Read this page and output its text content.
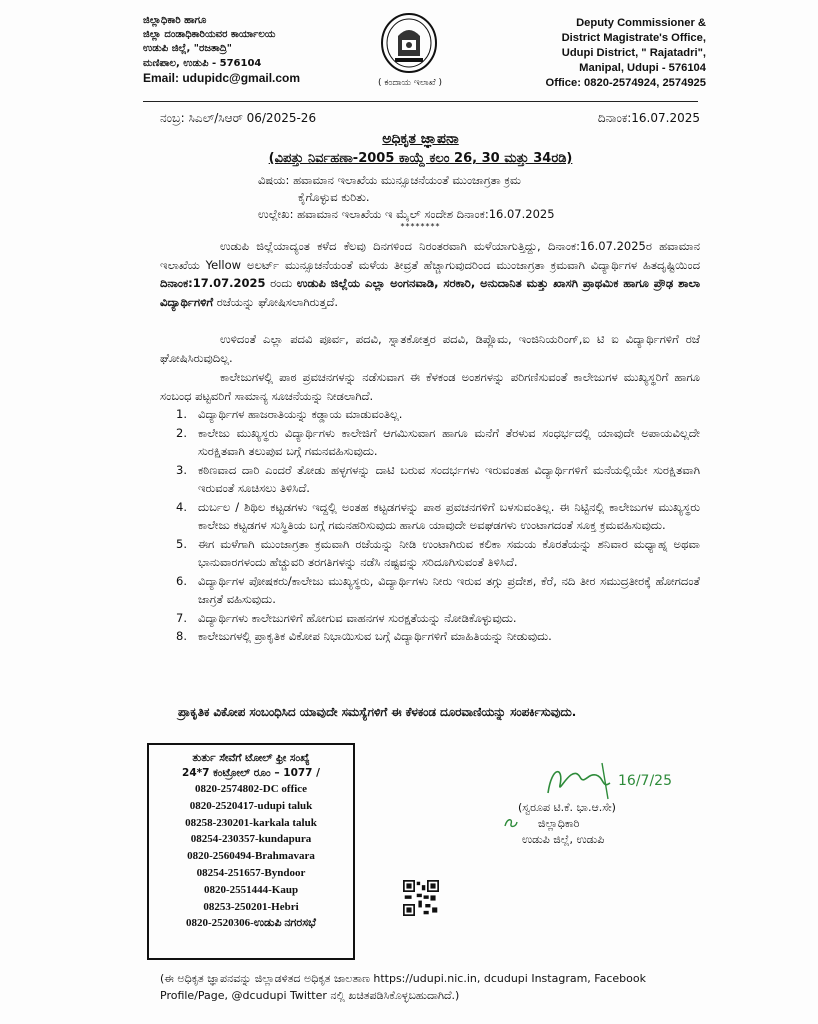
ಜಿಲ್ಲಾಧಿಕಾರಿ ಹಾಗೂ
ಜಿಲ್ಲಾ ದಂಡಾಧಿಕಾರಿಯವರ ಕಾರ್ಯಾಲಯ
ಉಡುಪಿ ಜಿಲ್ಲೆ, "ರಜತಾದ್ರಿ"
ಮಣಿಪಾಲ, ಉಡುಪಿ - 576104
Email: udupidc@gmail.com	( ಕಂದಾಯ ಇಲಾಖೆ )
Deputy Commissioner &
District Magistrate's Office,
Udupi District, " Rajatadri",
Manipal, Udupi - 576104
Office: 0820-2574924, 2574925
ನಂಬ್ರ: ಸಿಎಲ್/ಸಿಆರ್ 06/2025-26	ದಿನಾಂಕ:16.07.2025
ಅಧಿಕೃತ ಜ್ಞಾಪನಾ
(ವಿಪತ್ತು ನಿರ್ವಹಣಾ-2005 ಕಾಯ್ದೆ ಕಲಂ 26, 30 ಮತ್ತು 34ರಡಿ)
ವಿಷಯ: ಹವಾಮಾನ ಇಲಾಖೆಯ ಮುನ್ಸೂಚನೆಯಂತೆ ಮುಂಜಾಗ್ರತಾ ಕ್ರಮ
ಕೈಗೊಳ್ಳುವ ಕುರಿತು.
ಉಲ್ಲೇಖ: ಹವಾಮಾನ ಇಲಾಖೆಯ ಇ ಮೈಲ್ ಸಂದೇಶ ದಿನಾಂಕ:16.07.2025
********
ಉಡುಪಿ ಜಿಲ್ಲೆಯಾದ್ಯಂತ ಕಳೆದ ಕೆಲವು ದಿನಗಳಿಂದ ನಿರಂತರವಾಗಿ ಮಳೆಯಾಗುತ್ತಿದ್ದು, ದಿನಾಂಕ:16.07.2025ರ ಹವಾಮಾನ ಇಲಾಖೆಯ Yellow ಅಲರ್ಟ್ ಮುನ್ಸೂಚನೆಯಂತೆ ಮಳೆಯ ತೀವ್ರತೆ ಹೆಚ್ಚಾಗುವುದರಿಂದ ಮುಂಜಾಗ್ರತಾ ಕ್ರಮವಾಗಿ ವಿದ್ಯಾರ್ಥಿಗಳ ಹಿತದೃಷ್ಟಿಯಿಂದ ದಿನಾಂಕ:17.07.2025 ರಂದು ಉಡುಪಿ ಜಿಲ್ಲೆಯ ಎಲ್ಲಾ ಅಂಗನವಾಡಿ, ಸರಕಾರಿ, ಅನುದಾನಿತ ಮತ್ತು ಖಾಸಗಿ ಪ್ರಾಥಮಿಕ ಹಾಗೂ ಪ್ರೌಢ ಶಾಲಾ ವಿದ್ಯಾರ್ಥಿಗಳಿಗೆ ರಜೆಯನ್ನು ಘೋಷಿಸಲಾಗಿರುತ್ತದೆ.
ಉಳಿದಂತೆ ಎಲ್ಲಾ ಪದವಿ ಪೂರ್ವ, ಪದವಿ, ಸ್ನಾತಕೋತ್ತರ ಪದವಿ, ಡಿಪ್ಲೊಮ, ಇಂಜಿನಿಯರಿಂಗ್,ಐ ಟಿ ಐ ವಿದ್ಯಾರ್ಥಿಗಳಿಗೆ ರಜೆ ಘೋಷಿಸಿರುವುದಿಲ್ಲ.
ಕಾಲೇಜುಗಳಲ್ಲಿ ಪಾಠ ಪ್ರವಚನಗಳನ್ನು ನಡೆಸುವಾಗ ಈ ಕೆಳಕಂಡ ಅಂಶಗಳನ್ನು ಪರಿಗಣಿಸುವಂತೆ ಕಾಲೇಜುಗಳ ಮುಖ್ಯಸ್ಥರಿಗೆ ಹಾಗೂ ಸಂಬಂಧ ಪಟ್ಟವರಿಗೆ ಸಾಮಾನ್ಯ ಸೂಚನೆಯನ್ನು ನೀಡಲಾಗಿದೆ.
1. ವಿದ್ಯಾರ್ಥಿಗಳ ಹಾಜರಾತಿಯನ್ನು ಕಡ್ಡಾಯ ಮಾಡುವಂತಿಲ್ಲ.
2. ಕಾಲೇಜು ಮುಖ್ಯಸ್ಥರು ವಿದ್ಯಾರ್ಥಿಗಳು ಕಾಲೇಜಿಗೆ ಆಗಮಿಸುವಾಗ ಹಾಗೂ ಮನೆಗೆ ತೆರಳುವ ಸಂಧರ್ಭದಲ್ಲಿ ಯಾವುದೇ ಅಪಾಯವಿಲ್ಲದೇ ಸುರಕ್ಷಿತವಾಗಿ ತಲುಪುವ ಬಗ್ಗೆ ಗಮನವಹಿಸುವುದು.
3. ಕಠಿಣವಾದ ದಾರಿ ಎಂದರೆ ತೋಡು ಹಳ್ಳಗಳನ್ನು ದಾಟಿ ಬರುವ ಸಂದರ್ಭಗಳು ಇರುವಂತಹ ವಿದ್ಯಾರ್ಥಿಗಳಿಗೆ ಮನೆಯಲ್ಲಿಯೇ ಸುರಕ್ಷಿತವಾಗಿ ಇರುವಂತೆ ಸೂಚಿಸಲು ತಿಳಿಸಿದೆ.
4. ದುರ್ಬಲ / ಶಿಥಿಲ ಕಟ್ಟಡಗಳು ಇದ್ದಲ್ಲಿ ಅಂತಹ ಕಟ್ಟಡಗಳನ್ನು ಪಾಠ ಪ್ರವಚನಗಳಿಗೆ ಬಳಸುವಂತಿಲ್ಲ. ಈ ನಿಟ್ಟಿನಲ್ಲಿ ಕಾಲೇಜುಗಳ ಮುಖ್ಯಸ್ಥರು ಕಾಲೇಜು ಕಟ್ಟಡಗಳ ಸುಸ್ಥಿತಿಯ ಬಗ್ಗೆ ಗಮನಹರಿಸುವುದು ಹಾಗೂ ಯಾವುದೇ ಅವಘಡಗಳು ಉಂಟಾಗದಂತೆ ಸೂಕ್ತ ಕ್ರಮವಹಿಸುವುದು.
5. ಈಗ ಮಳೆಗಾಗಿ ಮುಂಜಾಗ್ರತಾ ಕ್ರಮವಾಗಿ ರಜೆಯನ್ನು ನೀಡಿ ಉಂಟಾಗಿರುವ ಕಲಿಕಾ ಸಮಯ ಕೊರತೆಯನ್ನು ಶನಿವಾರ ಮಧ್ಯಾಹ್ನ ಅಥವಾ ಭಾನುವಾರಗಳಂದು ಹೆಚ್ಚುವರಿ ತರಗತಿಗಳನ್ನು ನಡೆಸಿ ನಷ್ಟವನ್ನು ಸರಿದೂಗಿಸುವಂತೆ ತಿಳಿಸಿದೆ.
6. ವಿದ್ಯಾರ್ಥಿಗಳ ಪೋಷಕರು/ಕಾಲೇಜು ಮುಖ್ಯಸ್ಥರು, ವಿದ್ಯಾರ್ಥಿಗಳು ನೀರು ಇರುವ ತಗ್ಗು ಪ್ರದೇಶ, ಕೆರೆ, ನದಿ ತೀರ ಸಮುದ್ರತೀರಕ್ಕೆ ಹೋಗದಂತೆ ಜಾಗ್ರತೆ ವಹಿಸುವುದು.
7. ವಿದ್ಯಾರ್ಥಿಗಳು ಕಾಲೇಜುಗಳಿಗೆ ಹೋಗುವ ವಾಹನಗಳ ಸುರಕ್ಷತೆಯನ್ನು ನೋಡಿಕೊಳ್ಳುವುದು.
8. ಕಾಲೇಜುಗಳಲ್ಲಿ ಪ್ರಾಕೃತಿಕ ವಿಕೋಪ ನಿಭಾಯಿಸುವ ಬಗ್ಗೆ ವಿದ್ಯಾರ್ಥಿಗಳಿಗೆ ಮಾಹಿತಿಯನ್ನು ನೀಡುವುದು.
ಪ್ರಾಕೃತಿಕ ವಿಕೋಪ ಸಂಬಂಧಿಸಿದ ಯಾವುದೇ ಸಮಸ್ಯೆಗಳಿಗೆ ಈ ಕೆಳಕಂಡ ದೂರವಾಣಿಯನ್ನು ಸಂಪರ್ಕಿಸುವುದು.
ತುರ್ತು ಸೇವೆಗೆ ಟೋಲ್ ಫ್ರೀ ಸಂಖ್ಯೆ
24*7 ಕಂಟ್ರೋಲ್ ರೂಂ – 1077 /
0820-2574802-DC office
0820-2520417-udupi taluk
08258-230201-karkala taluk
08254-230357-kundapura
0820-2560494-Brahmavara
08254-251657-Byndoor
0820-2551444-Kaup
08253-250201-Hebri
0820-2520306-ಉಡುಪಿ ನಗರಸಭೆ
16/7/25
(ಸ್ವರೂಪ ಟಿ.ಕೆ. ಭಾ.ಆ.ಸೇ)
ಜಿಲ್ಲಾಧಿಕಾರಿ
ಉಡುಪಿ ಜಿಲ್ಲೆ, ಉಡುಪಿ
(ಈ ಅಧಿಕೃತ ಜ್ಞಾಪನವನ್ನು ಜಿಲ್ಲಾಡಳಿತದ ಅಧಿಕೃತ ಜಾಲತಾಣ https://udupi.nic.in, dcudupi Instagram, Facebook Profile/Page, @dcudupi Twitter ನಲ್ಲಿ ಖಚಿತಪಡಿಸಿಕೊಳ್ಳಬಹುದಾಗಿದೆ.)
